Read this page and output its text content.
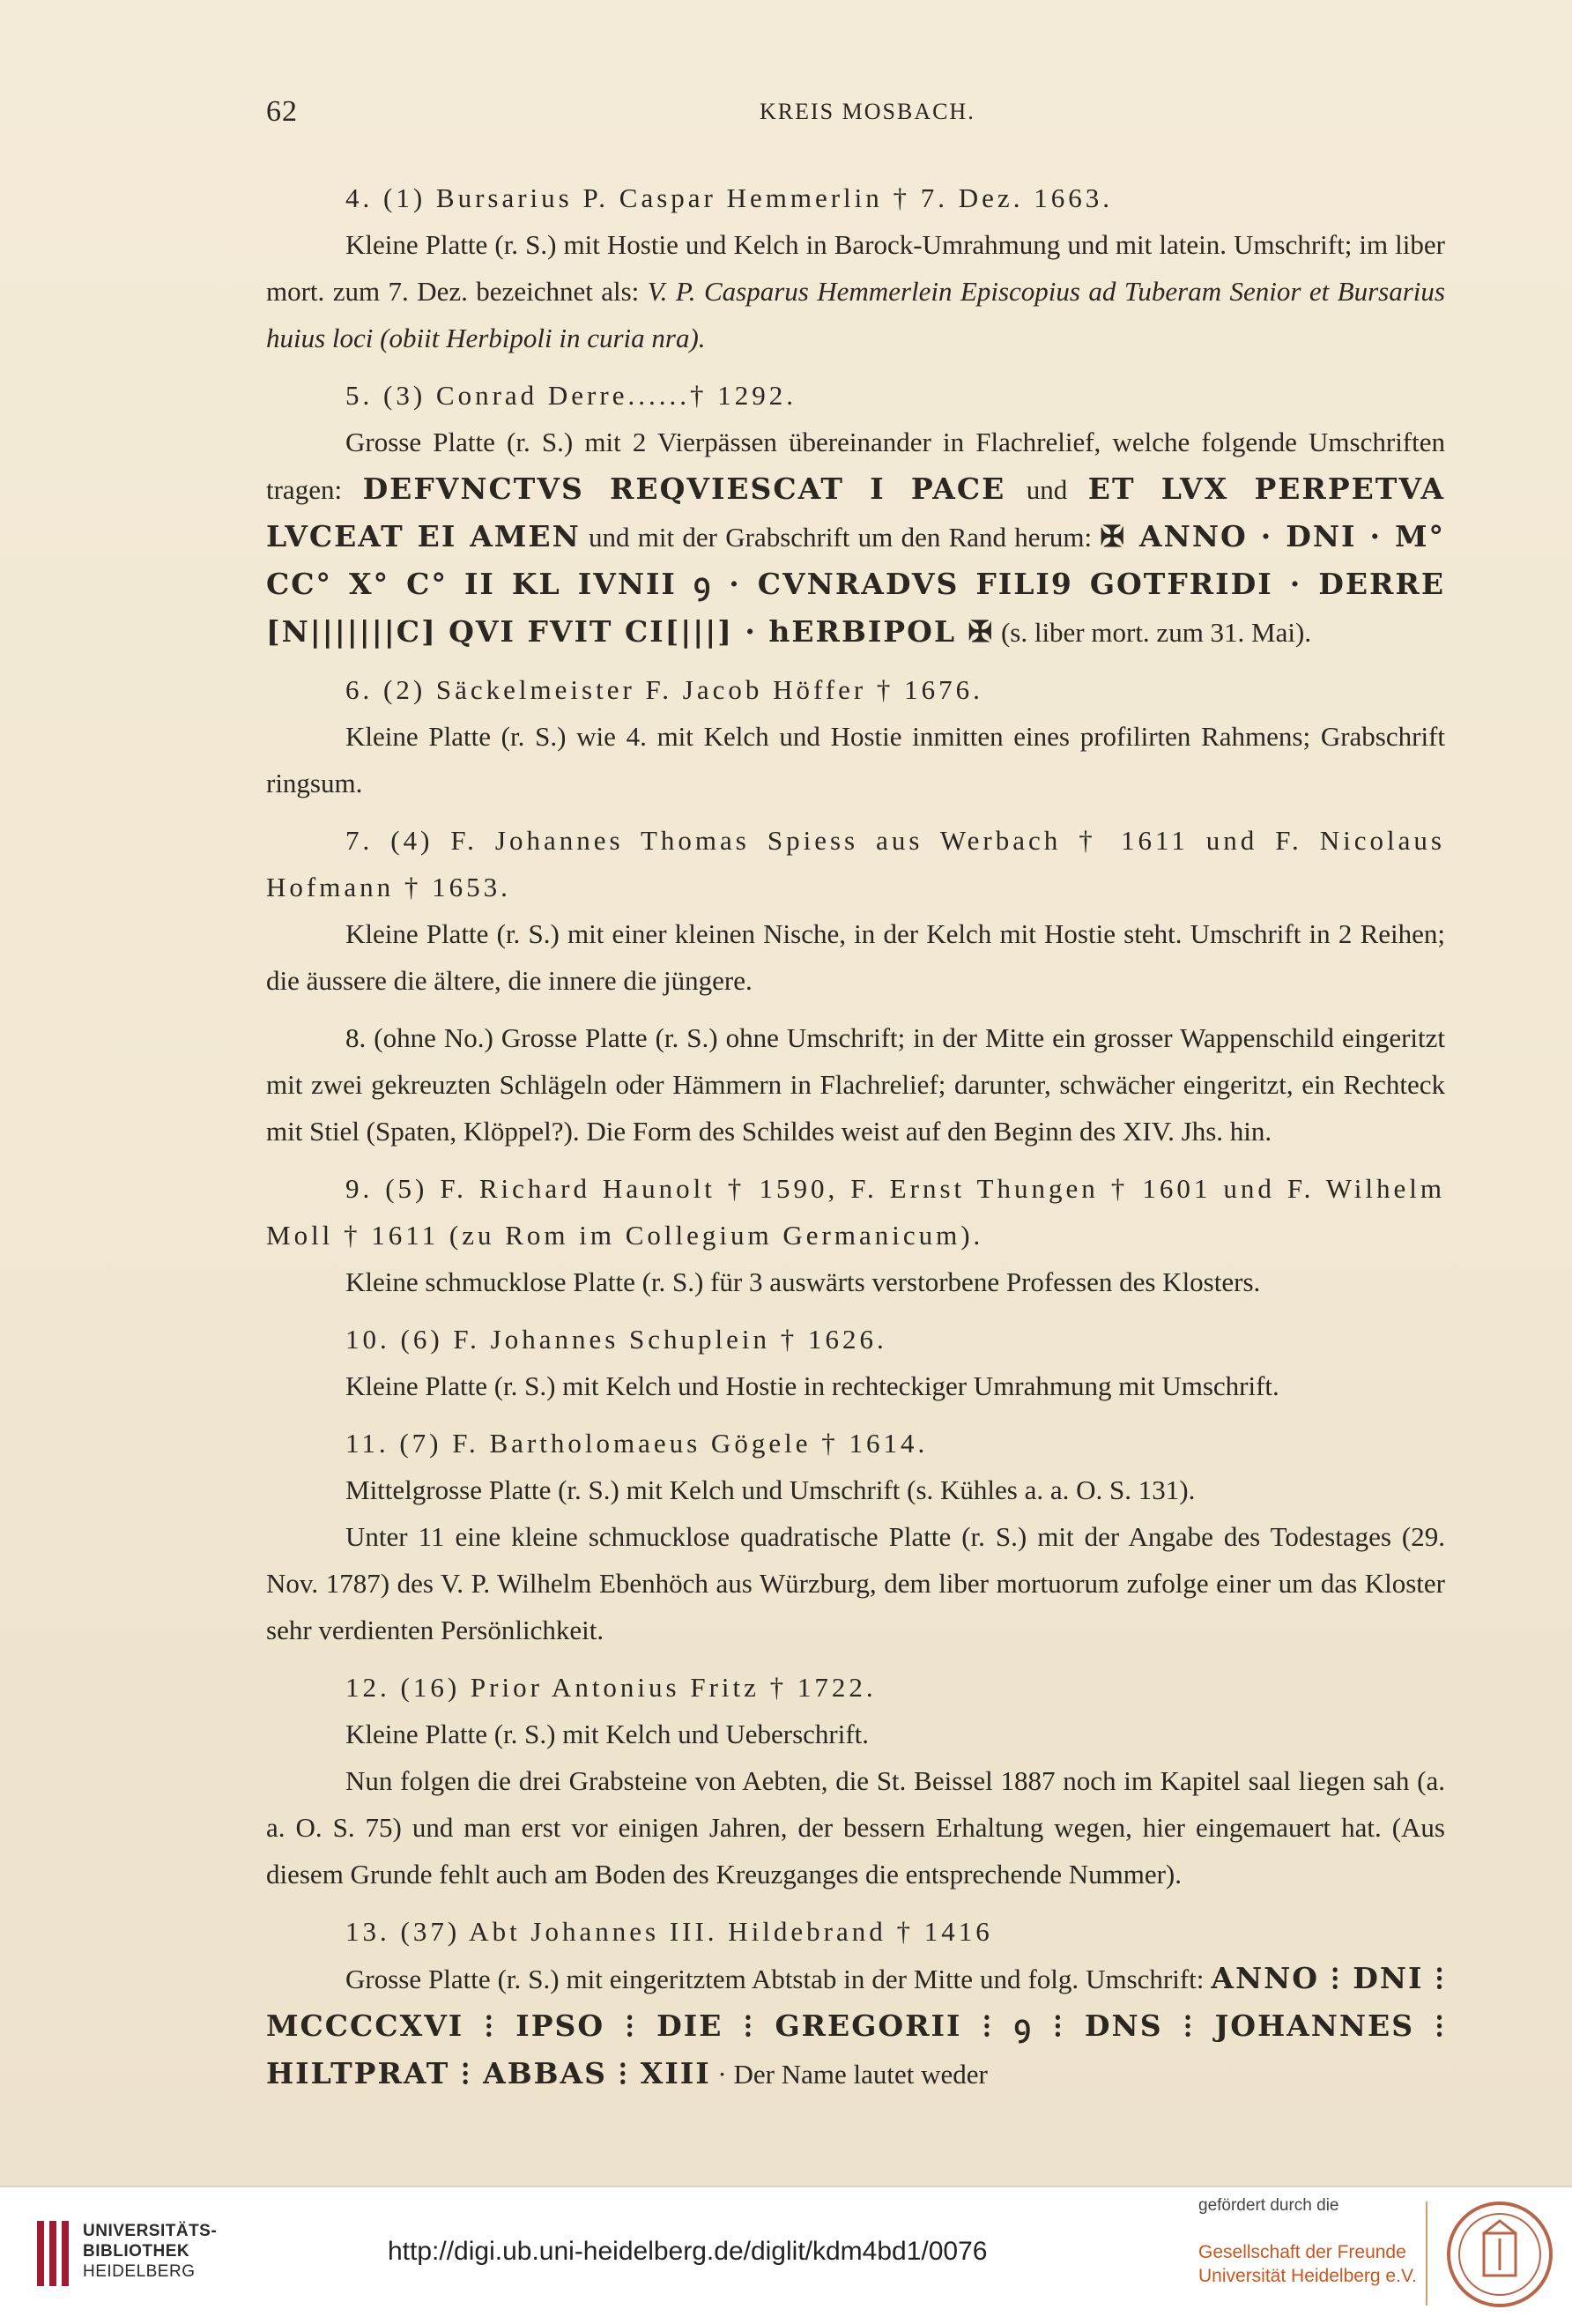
62	KREIS MOSBACH.

4. (1) Bursarius P. Caspar Hemmerlin † 7. Dez. 1663.

Kleine Platte (r. S.) mit Hostie und Kelch in Barock-Umrahmung und mit latein. Umschrift; im liber mort. zum 7. Dez. bezeichnet als: V. P. Casparus Hemmerlein Episcopius ad Tuberam Senior et Bursarius huius loci (obiit Herbipoli in curia nra).

5. (3) Conrad Derre......† 1292.

Grosse Platte (r. S.) mit 2 Vierpässen übereinander in Flachrelief, welche folgende Umschriften tragen: DEFVNCTVS REQVIESCAT I PACE und ET LVX PERPETVA LVCEAT EI AMEN und mit der Grabschrift um den Rand herum: ✠ ANNO · DNI · M° CC° X° C° II KL IVNII ꝯ · CVNRADVS FILI9 GOTFRIDI · DERRE [N|||||||C] QVI FVIT CI[|||] · hERBIPOL ✠ (s. liber mort. zum 31. Mai).

6. (2) Säckelmeister F. Jacob Höffer † 1676.

Kleine Platte (r. S.) wie 4. mit Kelch und Hostie inmitten eines profilirten Rahmens; Grabschrift ringsum.

7. (4) F. Johannes Thomas Spiess aus Werbach † 1611 und F. Nicolaus Hofmann † 1653.

Kleine Platte (r. S.) mit einer kleinen Nische, in der Kelch mit Hostie steht. Umschrift in 2 Reihen; die äussere die ältere, die innere die jüngere.

8. (ohne No.) Grosse Platte (r. S.) ohne Umschrift; in der Mitte ein grosser Wappenschild eingeritzt mit zwei gekreuzten Schlägeln oder Hämmern in Flachrelief; darunter, schwächer eingeritzt, ein Rechteck mit Stiel (Spaten, Klöppel?). Die Form des Schildes weist auf den Beginn des XIV. Jhs. hin.

9. (5) F. Richard Haunolt † 1590, F. Ernst Thungen † 1601 und F. Wilhelm Moll † 1611 (zu Rom im Collegium Germanicum).

Kleine schmucklose Platte (r. S.) für 3 auswärts verstorbene Professen des Klosters.

10. (6) F. Johannes Schuplein † 1626.

Kleine Platte (r. S.) mit Kelch und Hostie in rechteckiger Umrahmung mit Umschrift.

11. (7) F. Bartholomaeus Gögele † 1614.

Mittelgrosse Platte (r. S.) mit Kelch und Umschrift (s. Kühles a. a. O. S. 131).

Unter 11 eine kleine schmucklose quadratische Platte (r. S.) mit der Angabe des Todestages (29. Nov. 1787) des V. P. Wilhelm Ebenhöch aus Würzburg, dem liber mortuorum zufolge einer um das Kloster sehr verdienten Persönlichkeit.

12. (16) Prior Antonius Fritz † 1722.

Kleine Platte (r. S.) mit Kelch und Ueberschrift.

Nun folgen die drei Grabsteine von Aebten, die St. Beissel 1887 noch im Kapitel saal liegen sah (a. a. O. S. 75) und man erst vor einigen Jahren, der bessern Erhaltung wegen, hier eingemauert hat. (Aus diesem Grunde fehlt auch am Boden des Kreuzganges die entsprechende Nummer).

13. (37) Abt Johannes III. Hildebrand † 1416

Grosse Platte (r. S.) mit eingeritztem Abtstab in der Mitte und folg. Umschrift: ANNO ⁝ DNI ⁝ MCCCCXVI ⁝ IPSO ⁝ DIE ⁝ GREGORII ⁝ ꝯ ⁝ DNS ⁝ JOHANNES ⁝ HILTPRAT ⁝ ABBAS ⁝ XIII · Der Name lautet weder

UNIVERSITÄTS-
BIBLIOTHEK
HEIDELBERG
http://digi.ub.uni-heidelberg.de/diglit/kdm4bd1/0076
gefördert durch die
Gesellschaft der Freunde
Universität Heidelberg e.V.
